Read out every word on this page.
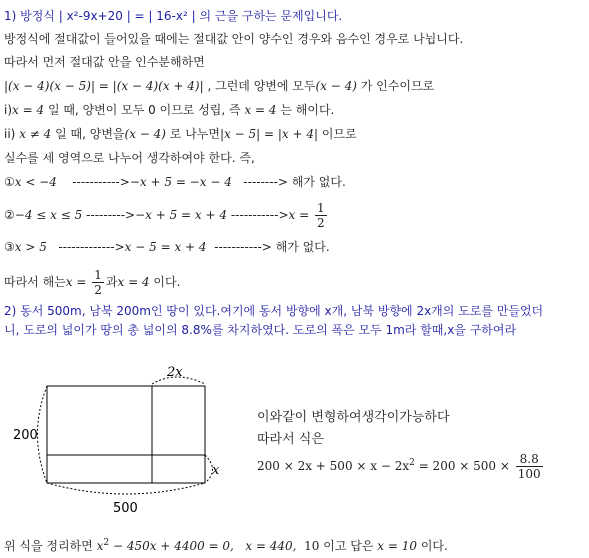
1) 방정식 | x²-9x+20 | = | 16-x² | 의 근을 구하는 문제입니다.
방정식에 절대값이 들어있을 때에는 절대값 안이 양수인 경우와 음수인 경우로 나뉩니다.
따라서 먼저 절대값 안을 인수분해하면
|(x − 4)(x − 5)| = |(x − 4)(x + 4)| , 그런데 양변에 모두(x − 4) 가 인수이므로
i)x = 4 일 때, 양변이 모두 0 이므로 성립, 즉 x = 4 는 해이다.
ii) x ≠ 4 일 때, 양변을(x − 4) 로 나누면|x − 5| = |x + 4| 이므로
실수를 세 영역으로 나누어 생각하여야 한다. 즉,
①x < −4 ----------->−x + 5 = −x − 4 --------> 해가 없다.
②−4 ≤ x ≤ 5 --------->−x + 5 = x + 4 $----------->x = \frac{1}{2}$
③x > 5 ------------->x − 5 = x + 4 -----------> 해가 없다.
따라서 해는$x = \frac{1}{2}$ 과x = 4 이다.
2) 동서 500m, 남북 200m인 땅이 있다.여기에 동서 방향에 x개, 남북 방향에 2x개의 도로를 만들었더
니, 도로의 넓이가 땅의 총 넓이의 8.8%를 차지하였다. 도로의 폭은 모두 1m라 할때,x을 구하여라
2x
200
x
500
이와같이 변형하여생각이가능하다
따라서 식은
$200 \times 2x + 500 \times x - 2x^2 = 200 \times 500 \times \frac{8.8}{100}$
위 식을 정리하면 $x^2 - 450x + 4400 = 0$, x = 440, 10 이고 답은 x = 10 이다.
